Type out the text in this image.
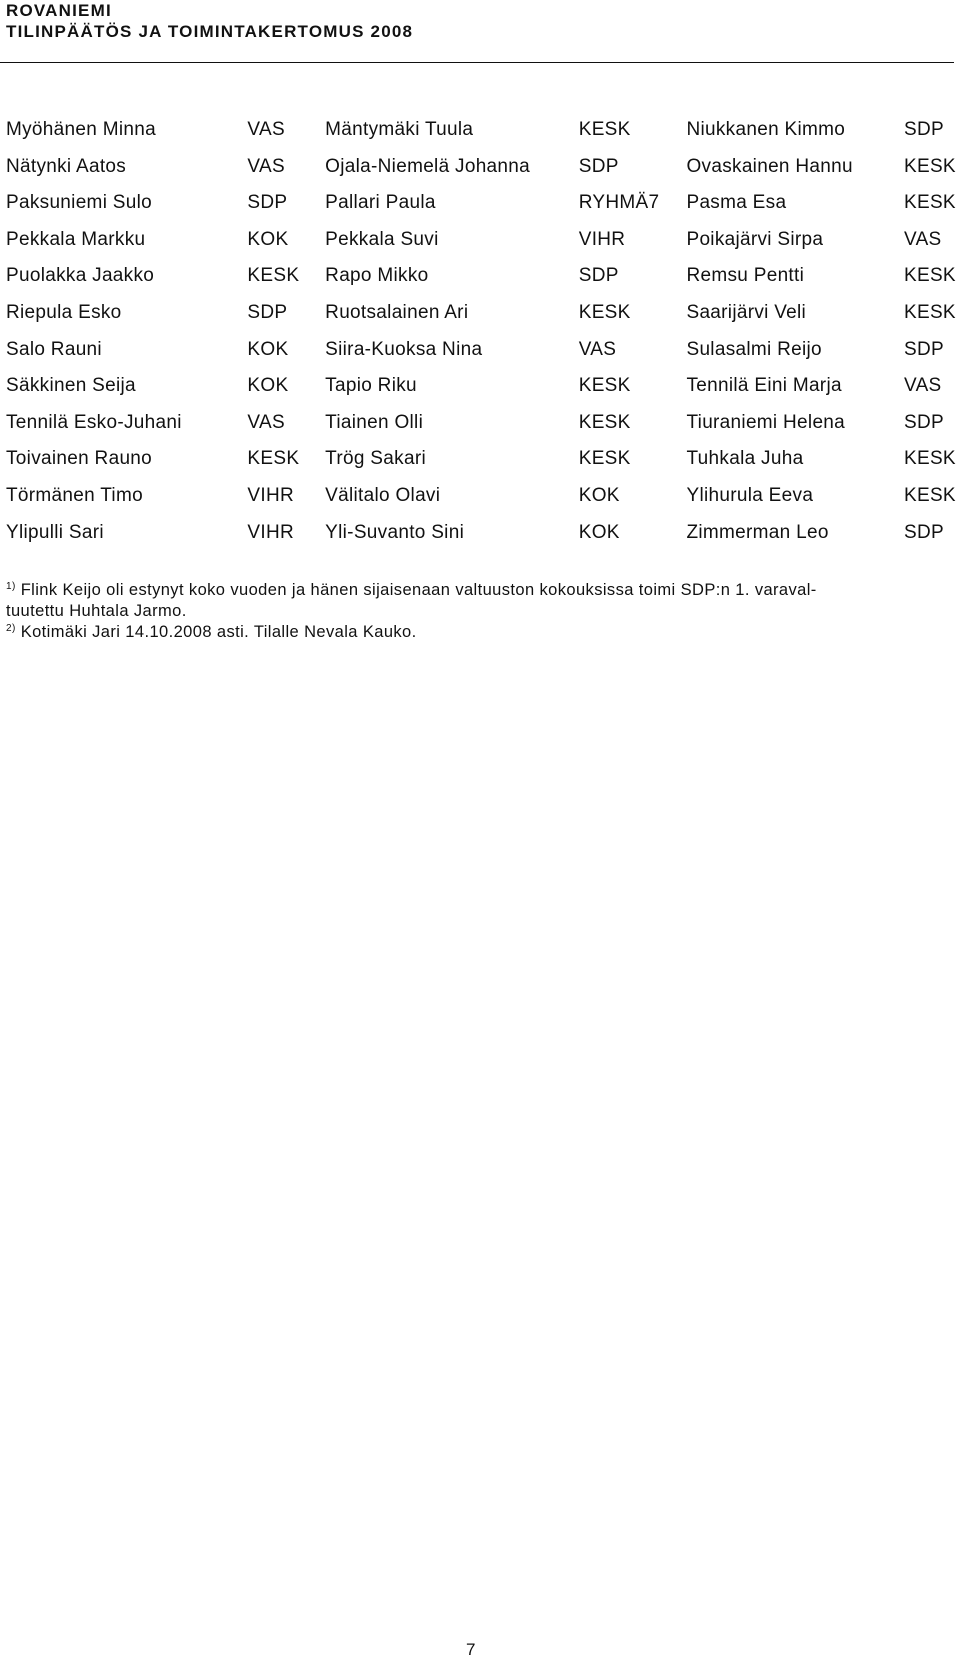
ROVANIEMI
TILINPÄÄTÖS JA TOIMINTAKERTOMUS 2008
Myöhänen Minna	VAS	Mäntymäki Tuula	KESK	Niukkanen Kimmo	SDP
Nätynki Aatos	VAS	Ojala-Niemelä Johanna	SDP	Ovaskainen Hannu	KESK
Paksuniemi Sulo	SDP	Pallari Paula	RYHMÄ7	Pasma Esa	KESK
Pekkala Markku	KOK	Pekkala Suvi	VIHR	Poikajärvi Sirpa	VAS
Puolakka Jaakko	KESK	Rapo Mikko	SDP	Remsu Pentti	KESK
Riepula Esko	SDP	Ruotsalainen Ari	KESK	Saarijärvi Veli	KESK
Salo Rauni	KOK	Siira-Kuoksa Nina	VAS	Sulasalmi Reijo	SDP
Säkkinen Seija	KOK	Tapio Riku	KESK	Tennilä Eini Marja	VAS
Tennilä Esko-Juhani	VAS	Tiainen Olli	KESK	Tiuraniemi Helena	SDP
Toivainen Rauno	KESK	Trög Sakari	KESK	Tuhkala Juha	KESK
Törmänen Timo	VIHR	Välitalo Olavi	KOK	Ylihurula Eeva	KESK
Ylipulli Sari	VIHR	Yli-Suvanto Sini	KOK	Zimmerman Leo	SDP
$^{1)}$ Flink Keijo oli estynyt koko vuoden ja hänen sijaisenaan valtuuston kokouksissa toimi SDP:n 1. varaval-
tuutettu Huhtala Jarmo.
$^{2)}$ Kotimäki Jari 14.10.2008 asti. Tilalle Nevala Kauko.
7
